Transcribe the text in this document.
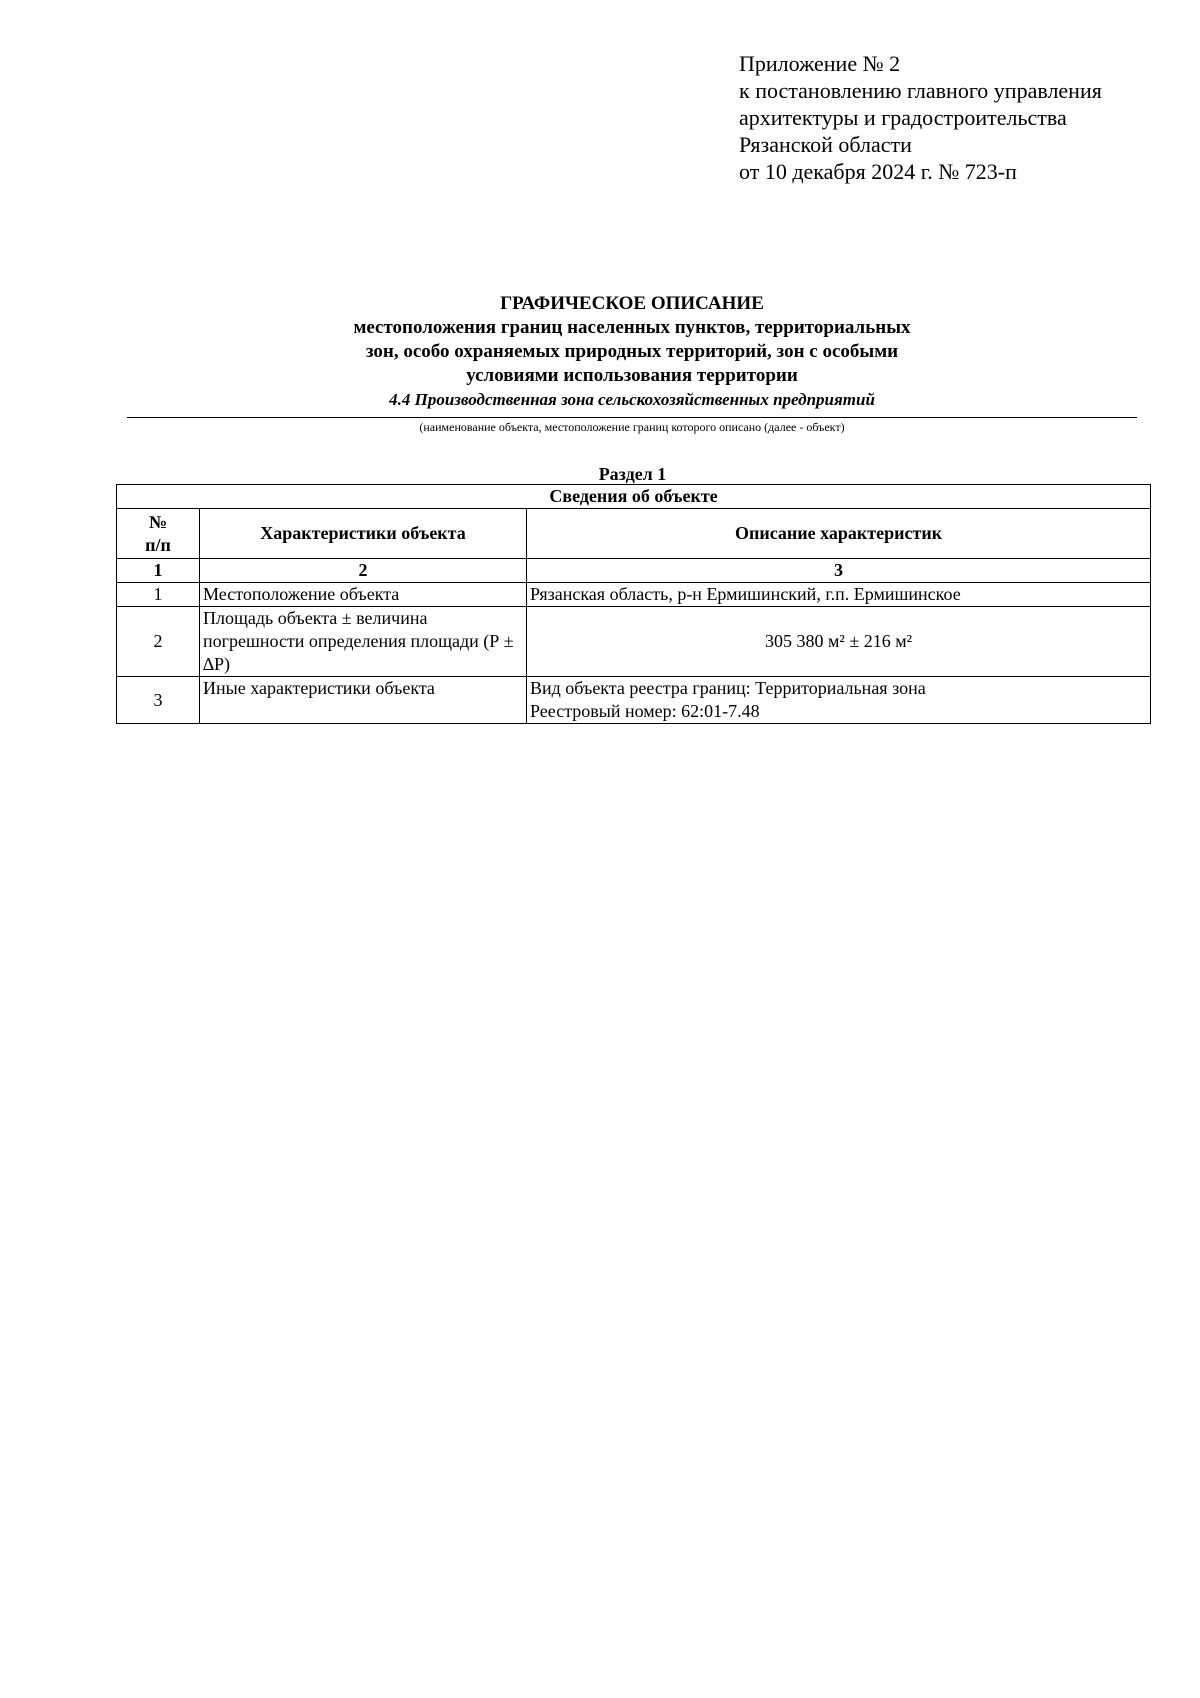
Приложение № 2
к постановлению главного управления
архитектуры и градостроительства
Рязанской области
от 10 декабря 2024 г. № 723-п
ГРАФИЧЕСКОЕ ОПИСАНИЕ
местоположения границ населенных пунктов, территориальных
зон, особо охраняемых природных территорий, зон с особыми
условиями использования территории
4.4 Производственная зона сельскохозяйственных предприятий
(наименование объекта, местоположение границ которого описано (далее - объект)
Раздел 1
Сведения об объекте		
№
п/п	Характеристики объекта	Описание характеристик
1	2	3
1	Местоположение объекта	Рязанская область, р-н Ермишинский, г.п. Ермишинское
2	Площадь объекта ± величина погрешности определения площади (Р ± ∆Р)	305 380 м² ± 216 м²
3	Иные характеристики объекта	Вид объекта реестра границ: Территориальная зона
Реестровый номер: 62:01-7.48
